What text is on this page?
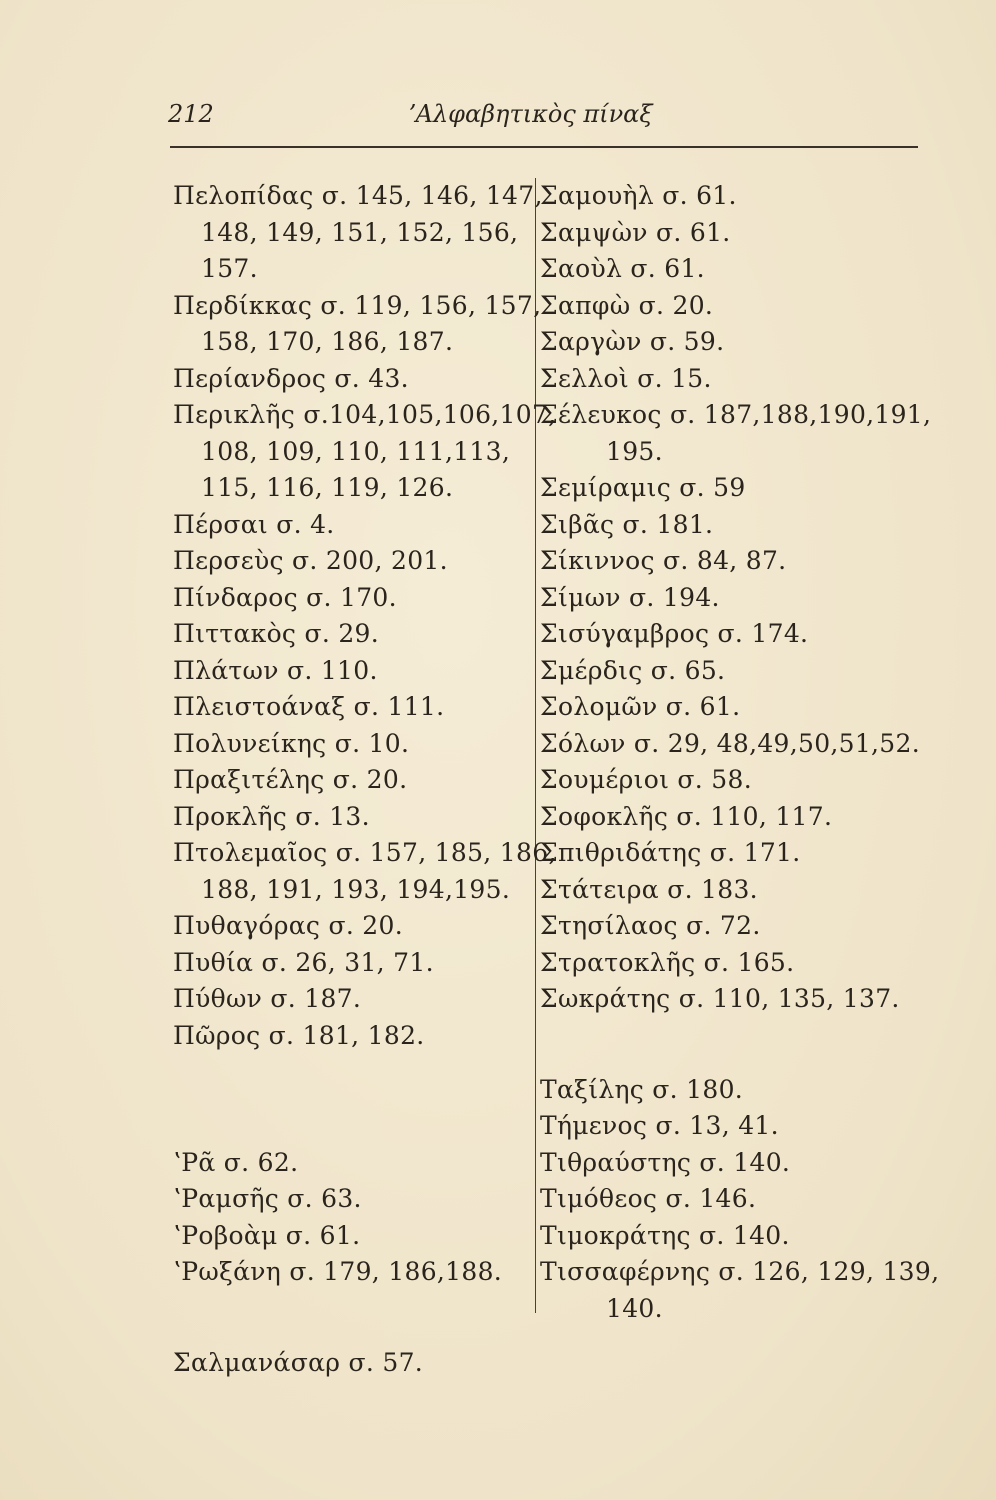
212	ʼΑλφαβητικὸς πίναξ
Πελοπίδας σ. 145, 146, 147,
148, 149, 151, 152, 156,
157.
Περδίκκας σ. 119, 156, 157,
158, 170, 186, 187.
Περίανδρος σ. 43.
Περικλῆς σ.104,105,106,107,
108, 109, 110, 111,113,
115, 116, 119, 126.
Πέρσαι σ. 4.
Περσεὺς σ. 200, 201.
Πίνδαρος σ. 170.
Πιττακὸς σ. 29.
Πλάτων σ. 110.
Πλειστοάναξ σ. 111.
Πολυνείκης σ. 10.
Πραξιτέλης σ. 20.
Προκλῆς σ. 13.
Πτολεμαῖος σ. 157, 185, 186,
188, 191, 193, 194,195.
Πυθαγόρας σ. 20.
Πυθία σ. 26, 31, 71.
Πύθων σ. 187.
Πῶρος σ. 181, 182.
ʽΡᾶ σ. 62.
ʽΡαμσῆς σ. 63.
ʽΡοβοὰμ σ. 61.
ʽΡωξάνη σ. 179, 186,188.
Σαλμανάσαρ σ. 57.
Σαμουὴλ σ. 61.
Σαμψὼν σ. 61.
Σαοὺλ σ. 61.
Σαπφὼ σ. 20.
Σαργὼν σ. 59.
Σελλοὶ σ. 15.
Σέλευκος σ. 187,188,190,191,
195.
Σεμίραμις σ. 59
Σιβᾶς σ. 181.
Σίκιννος σ. 84, 87.
Σίμων σ. 194.
Σισύγαμβρος σ. 174.
Σμέρδις σ. 65.
Σολομῶν σ. 61.
Σόλων σ. 29, 48,49,50,51,52.
Σουμέριοι σ. 58.
Σοφοκλῆς σ. 110, 117.
Σπιθριδάτης σ. 171.
Στάτειρα σ. 183.
Στησίλαος σ. 72.
Στρατοκλῆς σ. 165.
Σωκράτης σ. 110, 135, 137.
Ταξίλης σ. 180.
Τήμενος σ. 13, 41.
Τιθραύστης σ. 140.
Τιμόθεος σ. 146.
Τιμοκράτης σ. 140.
Τισσαφέρνης σ. 126, 129, 139,
140.
